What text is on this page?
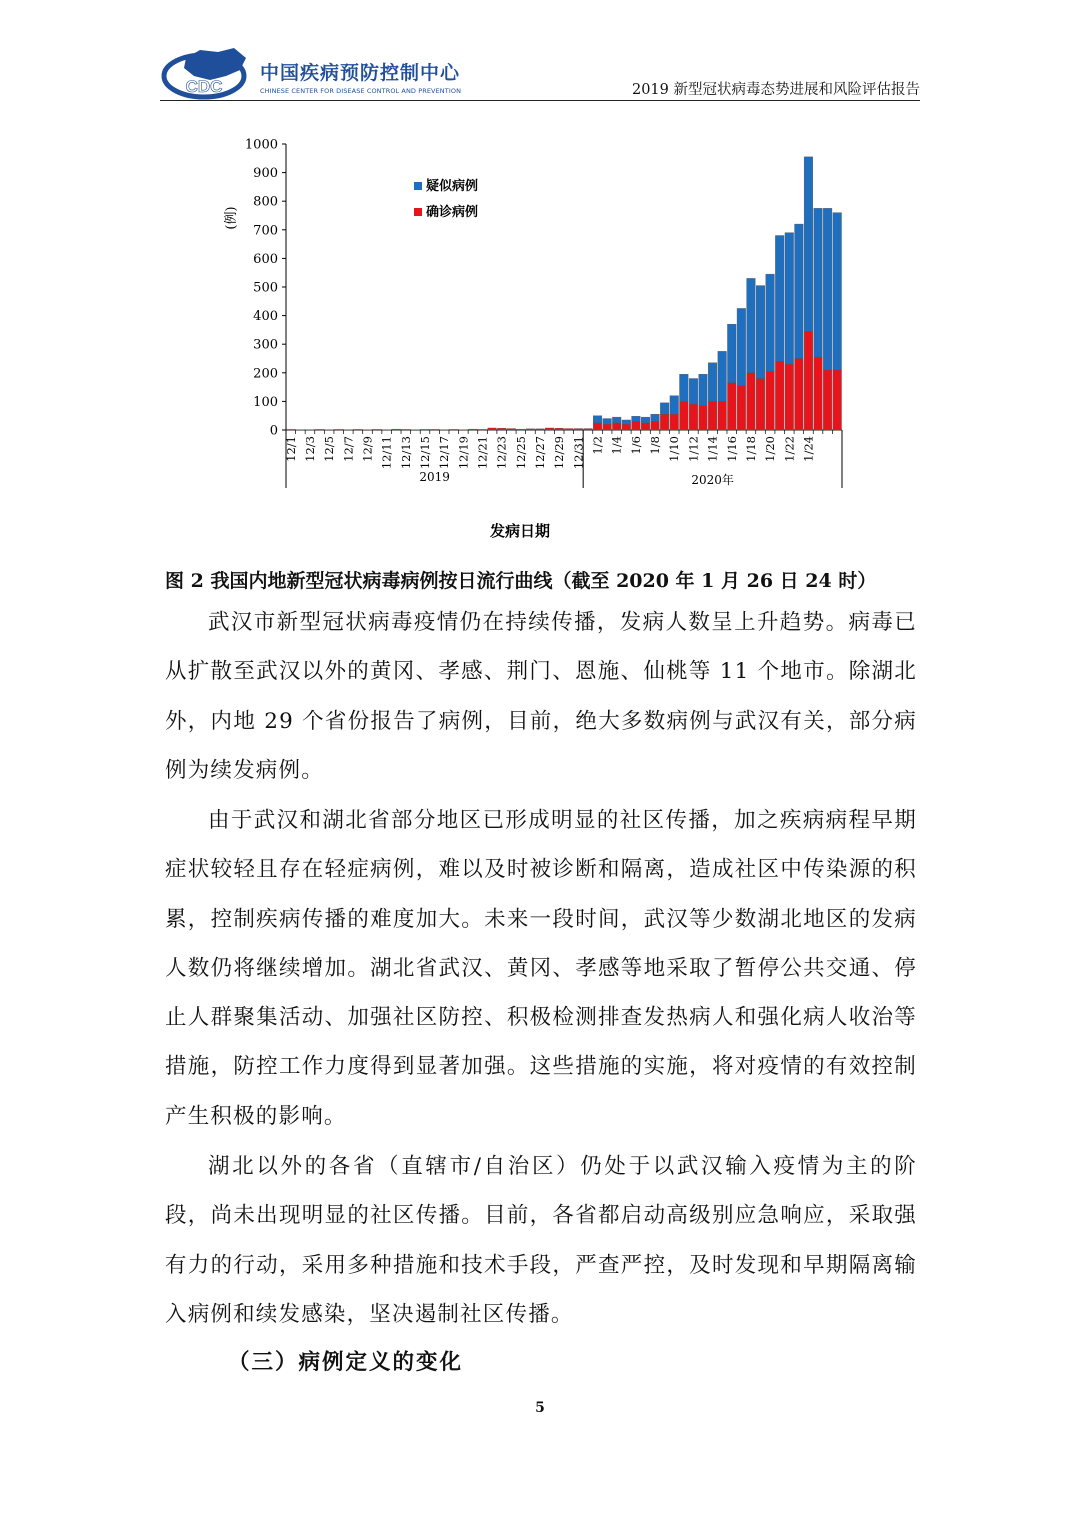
CDC
中国疾病预防控制中心
CHINESE CENTER FOR DISEASE CONTROL AND PREVENTION	2019 新型冠状病毒态势进展和风险评估报告
0
100
200
300
400
500
600
700
800
900
1000
12/1 12/3 12/5 12/7 12/9 12/11 12/13 12/15 12/17 12/19 12/21 12/23 12/25 12/27 12/29 12/31 1/2 1/4 1/6 1/8 1/10 1/12 1/14 1/16 1/18 1/20 1/22 1/24
2019	2020年
疑似病例
确诊病例
(例)
发病日期
图 2 我国内地新型冠状病毒病例按日流行曲线（截至 2020 年 1 月 26 日 24 时）

武汉市新型冠状病毒疫情仍在持续传播，发病人数呈上升趋势。病毒已从扩散至武汉以外的黄冈、孝感、荆门、恩施、仙桃等 11 个地市。除湖北外，内地 29 个省份报告了病例，目前，绝大多数病例与武汉有关，部分病例为续发病例。

由于武汉和湖北省部分地区已形成明显的社区传播，加之疾病病程早期症状较轻且存在轻症病例，难以及时被诊断和隔离，造成社区中传染源的积累，控制疾病传播的难度加大。未来一段时间，武汉等少数湖北地区的发病人数仍将继续增加。湖北省武汉、黄冈、孝感等地采取了暂停公共交通、停止人群聚集活动、加强社区防控、积极检测排查发热病人和强化病人收治等措施，防控工作力度得到显著加强。这些措施的实施，将对疫情的有效控制产生积极的影响。

湖北以外的各省（直辖市/自治区）仍处于以武汉输入疫情为主的阶段，尚未出现明显的社区传播。目前，各省都启动高级别应急响应，采取强有力的行动，采用多种措施和技术手段，严查严控，及时发现和早期隔离输入病例和续发感染，坚决遏制社区传播。

（三）病例定义的变化
5
